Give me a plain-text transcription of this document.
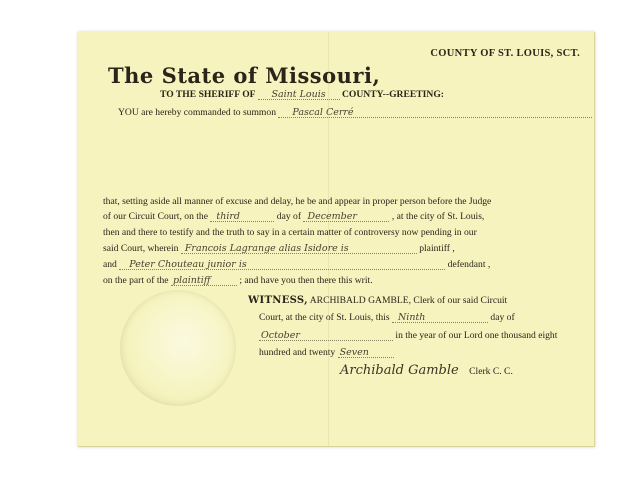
COUNTY OF ST. LOUIS, SCT.
The State of Missouri,
TO THE SHERIFF OF Saint Louis COUNTY--GREETING:
YOU are hereby commanded to summon Pascal Cerré
that, setting aside all manner of excuse and delay, he be and appear in proper person before the Judge
of our Circuit Court, on the third	day of December	, at the city of St. Louis,
then and there to testify and the truth to say in a certain matter of controversy now pending in our
said Court, wherein Francois Lagrange alias Isidore is	plaintiff ,
and Peter Chouteau junior is	defendant ,
on the part of the plaintiff	; and have you then there this writ.
WITNESS, ARCHIBALD GAMBLE, Clerk of our said Circuit
Court, at the city of St. Louis, this Ninth	day of
October	in the year of our Lord one thousand eight
hundred and twenty Seven
Archibald Gamble Clerk C. C.
